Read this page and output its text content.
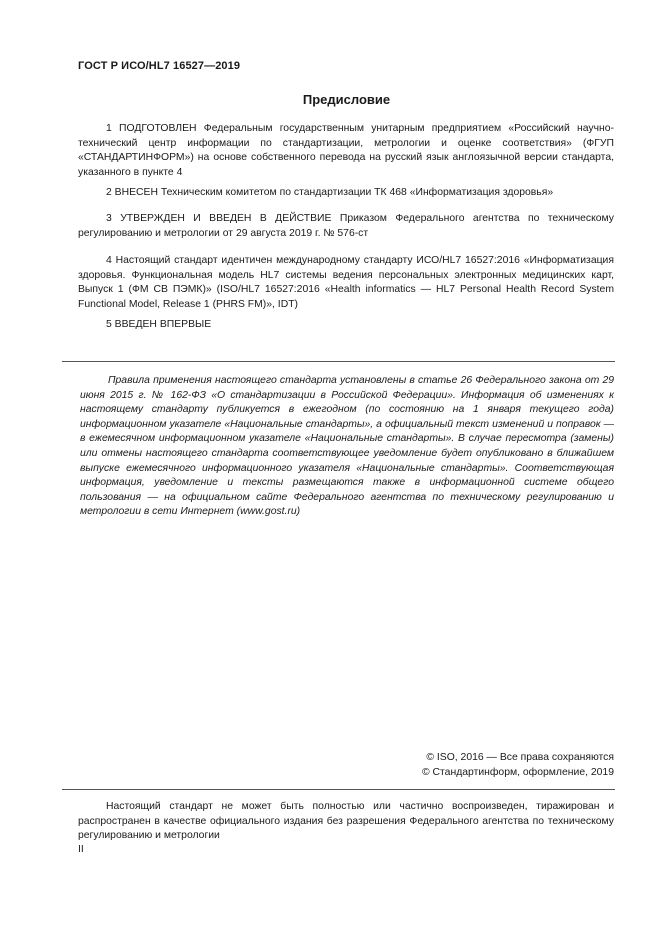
ГОСТ Р ИСО/HL7 16527—2019
Предисловие

1 ПОДГОТОВЛЕН Федеральным государственным унитарным предприятием «Российский научно-технический центр информации по стандартизации, метрологии и оценке соответствия» (ФГУП «СТАНДАРТИНФОРМ») на основе собственного перевода на русский язык англоязычной версии стандарта, указанного в пункте 4

2 ВНЕСЕН Техническим комитетом по стандартизации ТК 468 «Информатизация здоровья»

3 УТВЕРЖДЕН И ВВЕДЕН В ДЕЙСТВИЕ Приказом Федерального агентства по техническому регулированию и метрологии от 29 августа 2019 г. № 576-ст

4 Настоящий стандарт идентичен международному стандарту ИСО/HL7 16527:2016 «Информатизация здоровья. Функциональная модель HL7 системы ведения персональных электронных медицинских карт, Выпуск 1 (ФМ СВ ПЭМК)» (ISO/HL7 16527:2016 «Health informatics — HL7 Personal Health Record System Functional Model, Release 1 (PHRS FM)», IDT)

5 ВВЕДЕН ВПЕРВЫЕ

Правила применения настоящего стандарта установлены в статье 26 Федерального закона от 29 июня 2015 г. № 162-ФЗ «О стандартизации в Российской Федерации». Информация об изменениях к настоящему стандарту публикуется в ежегодном (по состоянию на 1 января текущего года) информационном указателе «Национальные стандарты», а официальный текст изменений и поправок — в ежемесячном информационном указателе «Национальные стандарты». В случае пересмотра (замены) или отмены настоящего стандарта соответствующее уведомление будет опубликовано в ближайшем выпуске ежемесячного информационного указателя «Национальные стандарты». Соответствующая информация, уведомление и тексты размещаются также в информационной системе общего пользования — на официальном сайте Федерального агентства по техническому регулированию и метрологии в сети Интернет (www.gost.ru)

© ISO, 2016 — Все права сохраняются
© Стандартинформ, оформление, 2019

Настоящий стандарт не может быть полностью или частично воспроизведен, тиражирован и распространен в качестве официального издания без разрешения Федерального агентства по техническому регулированию и метрологии

II
